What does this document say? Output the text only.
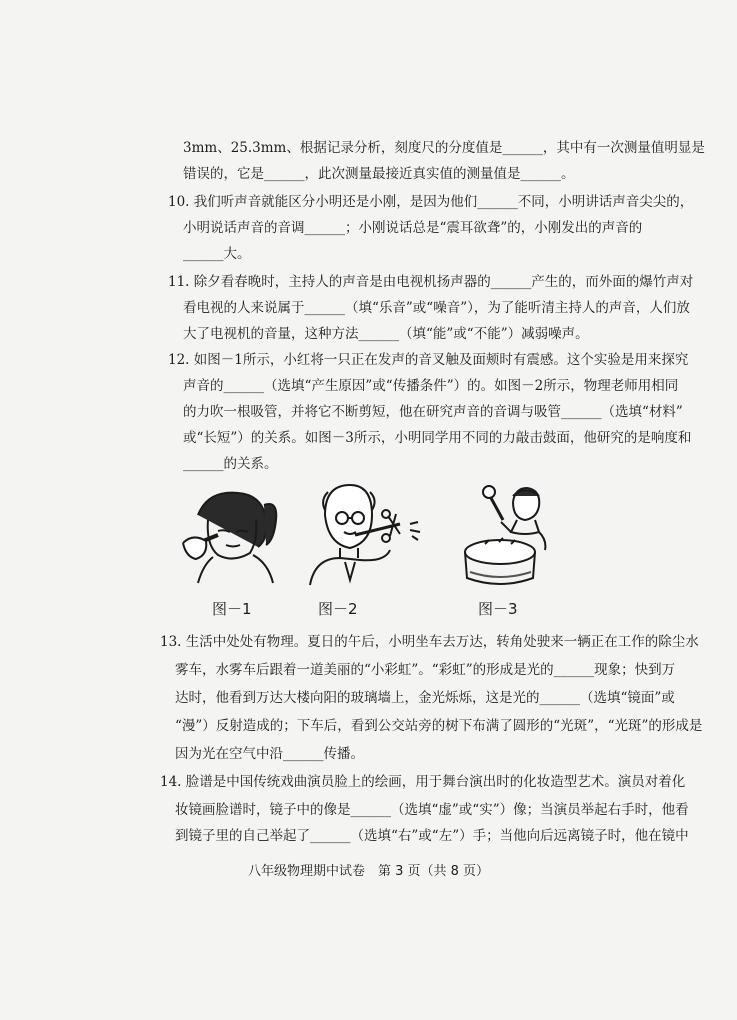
3mm、25.3mm、根据记录分析，刻度尺的分度值是______，其中有一次测量值明显是
错误的，它是______，此次测量最接近真实值的测量值是______。
10. 我们听声音就能区分小明还是小刚，是因为他们______不同，小明讲话声音尖尖的，
小明说话声音的音调______；小刚说话总是“震耳欲聋”的，小刚发出的声音的
______大。
11. 除夕看春晚时，主持人的声音是由电视机扬声器的______产生的，而外面的爆竹声对
看电视的人来说属于______（填“乐音”或“噪音”），为了能听清主持人的声音，人们放
大了电视机的音量，这种方法______（填“能”或“不能”）减弱噪声。
12. 如图－1所示，小红将一只正在发声的音叉触及面颊时有震感。这个实验是用来探究
声音的______（选填“产生原因”或“传播条件”）的。如图－2所示，物理老师用相同
的力吹一根吸管，并将它不断剪短，他在研究声音的音调与吸管______（选填“材料”
或“长短”）的关系。如图－3所示，小明同学用不同的力敲击鼓面，他研究的是响度和
______的关系。
图－1	图－2	图－3
13. 生活中处处有物理。夏日的午后，小明坐车去万达，转角处驶来一辆正在工作的除尘水
雾车，水雾车后跟着一道美丽的“小彩虹”。“彩虹”的形成是光的______现象；快到万
达时，他看到万达大楼向阳的玻璃墙上，金光烁烁，这是光的______（选填“镜面”或
“漫”）反射造成的；下车后，看到公交站旁的树下布满了圆形的“光斑”，“光斑”的形成是
因为光在空气中沿______传播。
14. 脸谱是中国传统戏曲演员脸上的绘画，用于舞台演出时的化妆造型艺术。演员对着化
妆镜画脸谱时，镜子中的像是______（选填“虚”或“实”）像；当演员举起右手时，他看
到镜子里的自己举起了______（选填“右”或“左”）手；当他向后远离镜子时，他在镜中
八年级物理期中试卷　第 3 页（共 8 页）
